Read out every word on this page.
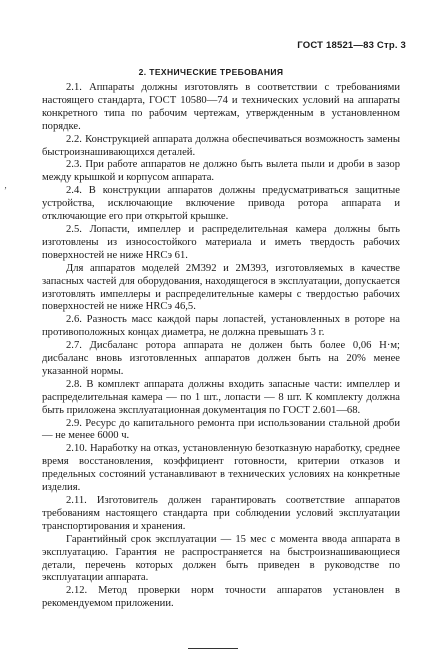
ГОСТ 18521—83 Стр. 3
‚
2. ТЕХНИЧЕСКИЕ ТРЕБОВАНИЯ

2.1. Аппараты должны изготовлять в соответствии с требованиями настоящего стандарта, ГОСТ 10580—74 и технических условий на аппараты конкретного типа по рабочим чертежам, утвержденным в установленном порядке.

2.2. Конструкцией аппарата должна обеспечиваться возможность замены быстроизнашивающихся деталей.

2.3. При работе аппаратов не должно быть вылета пыли и дроби в зазор между крышкой и корпусом аппарата.

2.4. В конструкции аппаратов должны предусматриваться защитные устройства, исключающие включение привода ротора аппарата и отключающие его при открытой крышке.

2.5. Лопасти, импеллер и распределительная камера должны быть изготовлены из износостойкого материала и иметь твердость рабочих поверхностей не ниже HRCэ 61.

Для аппаратов моделей 2М392 и 2М393, изготовляемых в качестве запасных частей для оборудования, находящегося в эксплуатации, допускается изготовлять импеллеры и распределительные камеры с твердостью рабочих поверхностей не ниже HRCэ 46,5.

2.6. Разность масс каждой пары лопастей, установленных в роторе на противоположных концах диаметра, не должна превышать 3 г.

2.7. Дисбаланс ротора аппарата не должен быть более 0,06 Н·м; дисбаланс вновь изготовленных аппаратов должен быть на 20% менее указанной нормы.

2.8. В комплект аппарата должны входить запасные части: импеллер и распределительная камера — по 1 шт., лопасти — 8 шт. К комплекту должна быть приложена эксплуатационная документация по ГОСТ 2.601—68.

2.9. Ресурс до капитального ремонта при использовании стальной дроби — не менее 6000 ч.

2.10. Наработку на отказ, установленную безотказную наработку, среднее время восстановления, коэффициент готовности, критерии отказов и предельных состояний устанавливают в технических условиях на конкретные изделия.

2.11. Изготовитель должен гарантировать соответствие аппаратов требованиям настоящего стандарта при соблюдении условий эксплуатации транспортирования и хранения.

Гарантийный срок эксплуатации — 15 мес с момента ввода аппарата в эксплуатацию. Гарантия не распространяется на быстроизнашивающиеся детали, перечень которых должен быть приведен в руководстве по эксплуатации аппарата.

2.12. Метод проверки норм точности аппаратов установлен в рекомендуемом приложении.
